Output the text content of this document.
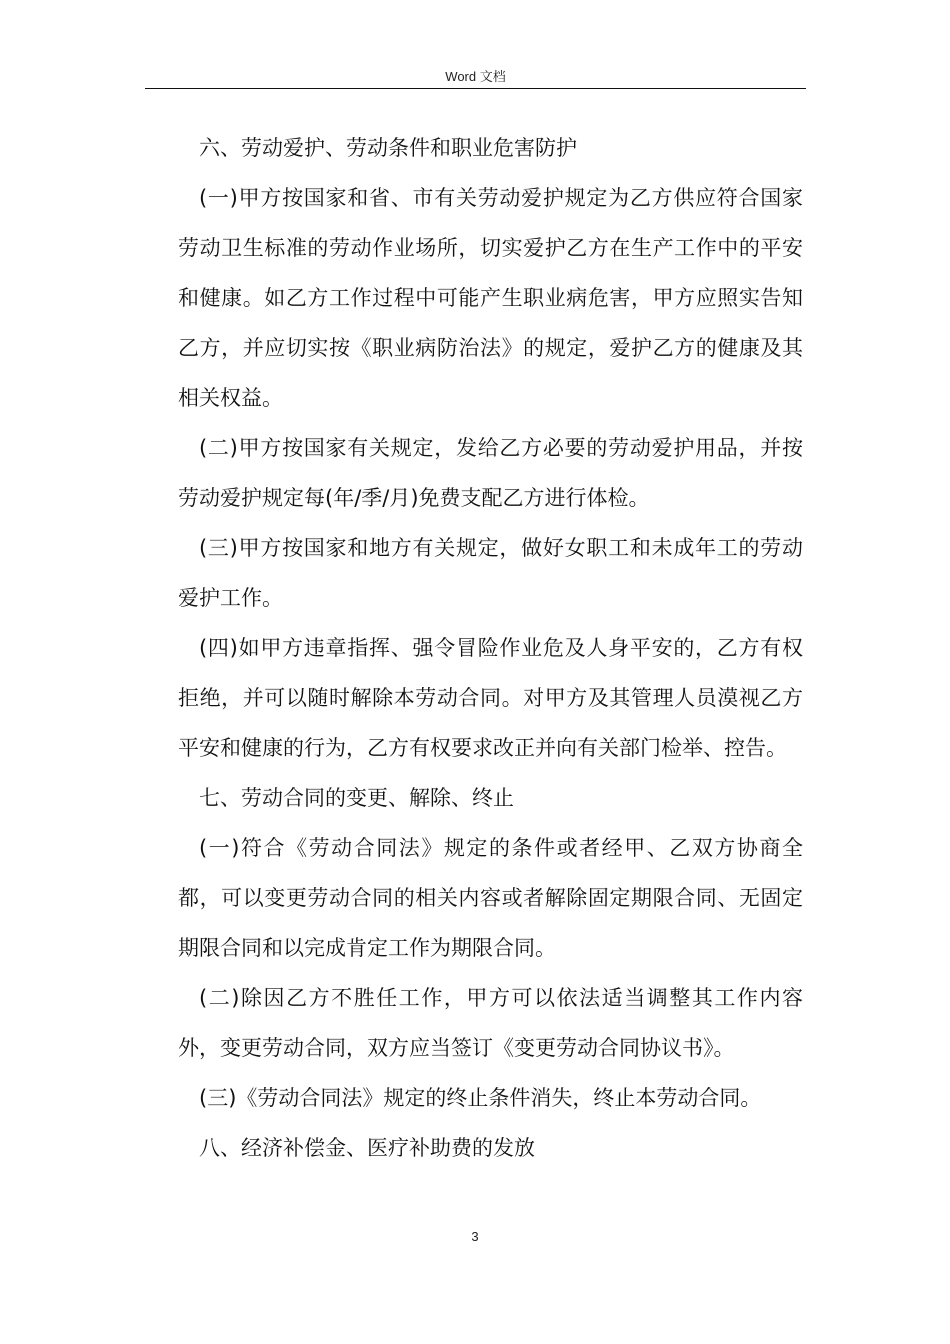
Word 文档

六、劳动爱护、劳动条件和职业危害防护

(一)甲方按国家和省、市有关劳动爱护规定为乙方供应符合国家劳动卫生标准的劳动作业场所，切实爱护乙方在生产工作中的平安和健康。如乙方工作过程中可能产生职业病危害，甲方应照实告知乙方，并应切实按《职业病防治法》的规定，爱护乙方的健康及其相关权益。

(二)甲方按国家有关规定，发给乙方必要的劳动爱护用品，并按劳动爱护规定每(年/季/月)免费支配乙方进行体检。

(三)甲方按国家和地方有关规定，做好女职工和未成年工的劳动爱护工作。

(四)如甲方违章指挥、强令冒险作业危及人身平安的，乙方有权拒绝，并可以随时解除本劳动合同。对甲方及其管理人员漠视乙方平安和健康的行为，乙方有权要求改正并向有关部门检举、控告。

七、劳动合同的变更、解除、终止

(一)符合《劳动合同法》规定的条件或者经甲、乙双方协商全都，可以变更劳动合同的相关内容或者解除固定期限合同、无固定期限合同和以完成肯定工作为期限合同。

(二)除因乙方不胜任工作，甲方可以依法适当调整其工作内容外，变更劳动合同，双方应当签订《变更劳动合同协议书》。

(三)《劳动合同法》规定的终止条件消失，终止本劳动合同。

八、经济补偿金、医疗补助费的发放

3
